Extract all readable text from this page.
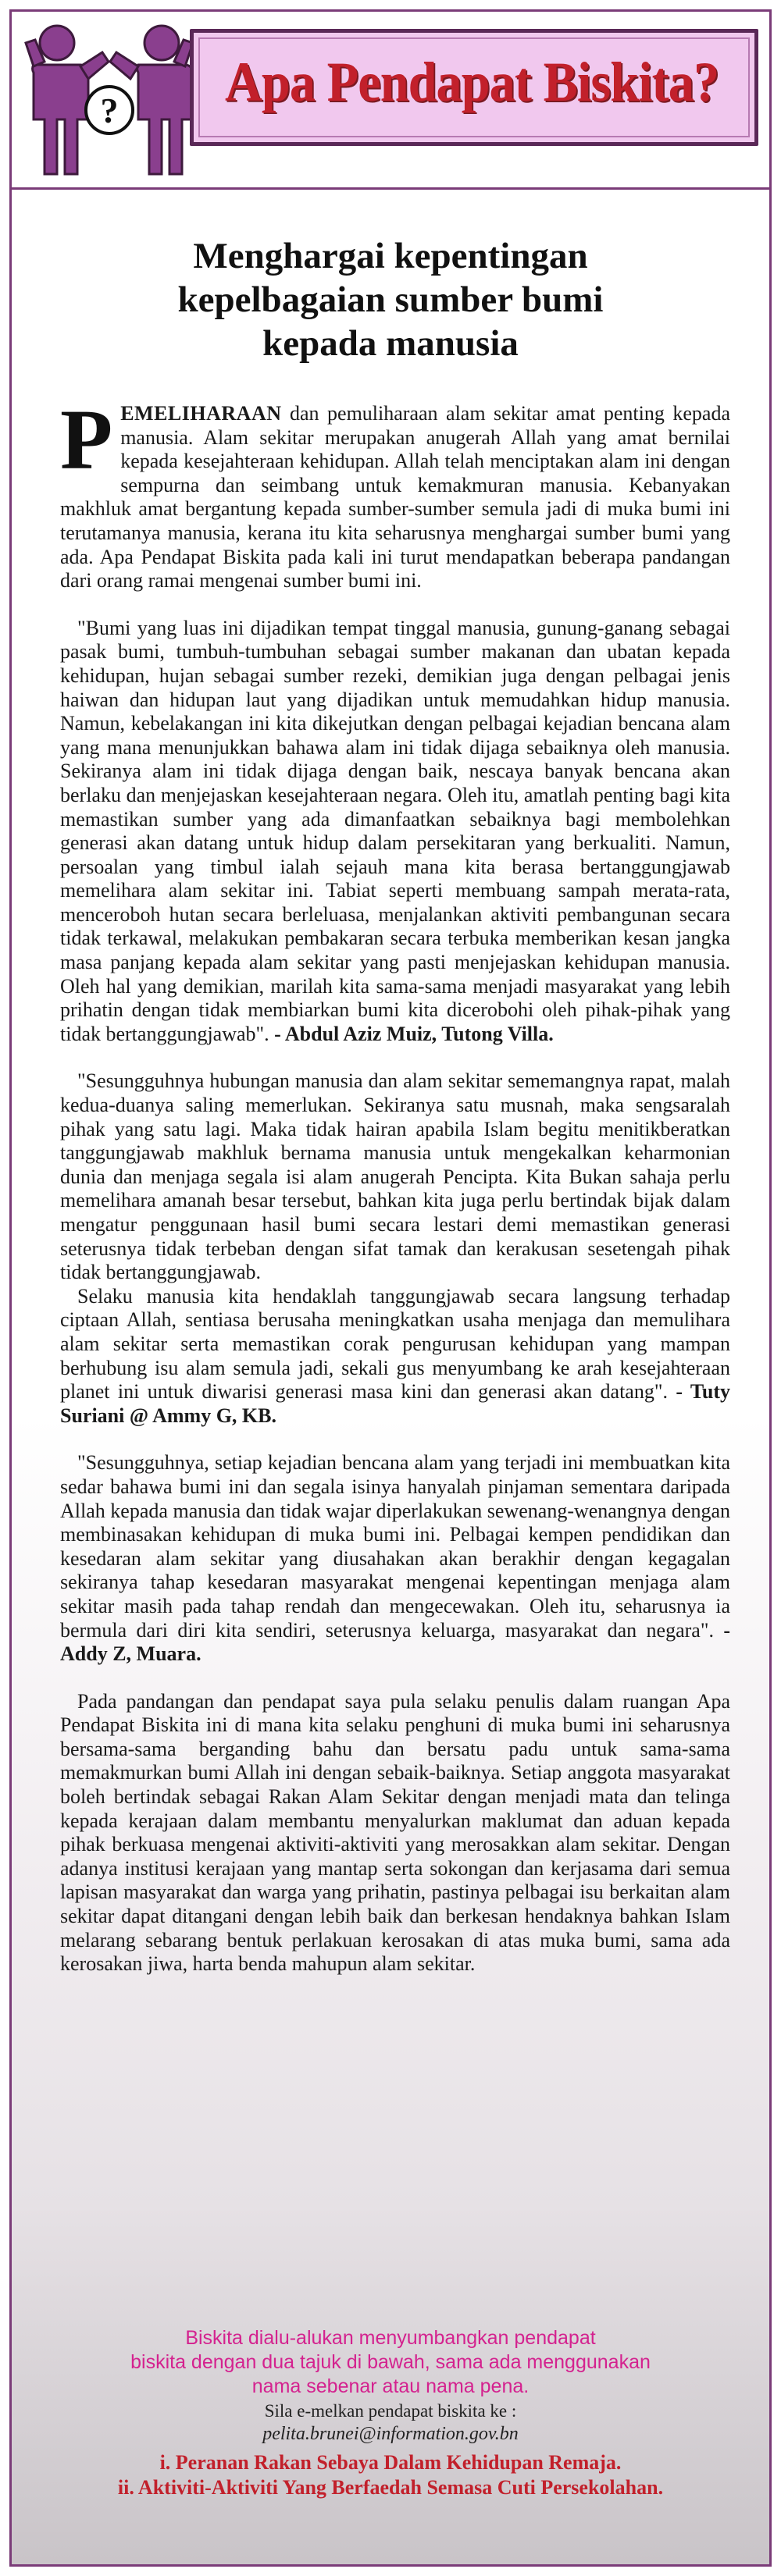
? Apa Pendapat Biskita?
Menghargai kepentingan
kepelbagaian sumber bumi
kepada manusia

PEMELIHARAAN dan pemuliharaan alam sekitar amat penting kepada manusia. Alam sekitar merupakan anugerah Allah yang amat bernilai kepada kesejahteraan kehidupan. Allah telah menciptakan alam ini dengan sempurna dan seimbang untuk kemakmuran manusia. Kebanyakan makhluk amat bergantung kepada sumber-sumber semula jadi di muka bumi ini terutamanya manusia, kerana itu kita seharusnya menghargai sumber bumi yang ada. Apa Pendapat Biskita pada kali ini turut mendapatkan beberapa pandangan dari orang ramai mengenai sumber bumi ini.

"Bumi yang luas ini dijadikan tempat tinggal manusia, gunung-ganang sebagai pasak bumi, tumbuh-tumbuhan sebagai sumber makanan dan ubatan kepada kehidupan, hujan sebagai sumber rezeki, demikian juga dengan pelbagai jenis haiwan dan hidupan laut yang dijadikan untuk memudahkan hidup manusia. Namun, kebelakangan ini kita dikejutkan dengan pelbagai kejadian bencana alam yang mana menunjukkan bahawa alam ini tidak dijaga sebaiknya oleh manusia. Sekiranya alam ini tidak dijaga dengan baik, nescaya banyak bencana akan berlaku dan menjejaskan kesejahteraan negara. Oleh itu, amatlah penting bagi kita memastikan sumber yang ada dimanfaatkan sebaiknya bagi membolehkan generasi akan datang untuk hidup dalam persekitaran yang berkualiti. Namun, persoalan yang timbul ialah sejauh mana kita berasa bertanggungjawab memelihara alam sekitar ini. Tabiat seperti membuang sampah merata-rata, menceroboh hutan secara berleluasa, menjalankan aktiviti pembangunan secara tidak terkawal, melakukan pembakaran secara terbuka memberikan kesan jangka masa panjang kepada alam sekitar yang pasti menjejaskan kehidupan manusia. Oleh hal yang demikian, marilah kita sama-sama menjadi masyarakat yang lebih prihatin dengan tidak membiarkan bumi kita dicerobohi oleh pihak-pihak yang tidak bertanggungjawab". - Abdul Aziz Muiz, Tutong Villa.

"Sesungguhnya hubungan manusia dan alam sekitar sememangnya rapat, malah kedua-duanya saling memerlukan. Sekiranya satu musnah, maka sengsaralah pihak yang satu lagi. Maka tidak hairan apabila Islam begitu menitikberatkan tanggungjawab makhluk bernama manusia untuk mengekalkan keharmonian dunia dan menjaga segala isi alam anugerah Pencipta. Kita Bukan sahaja perlu memelihara amanah besar tersebut, bahkan kita juga perlu bertindak bijak dalam mengatur penggunaan hasil bumi secara lestari demi memastikan generasi seterusnya tidak terbeban dengan sifat tamak dan kerakusan sesetengah pihak tidak bertanggungjawab.

Selaku manusia kita hendaklah tanggungjawab secara langsung terhadap ciptaan Allah, sentiasa berusaha meningkatkan usaha menjaga dan memulihara alam sekitar serta memastikan corak pengurusan kehidupan yang mampan berhubung isu alam semula jadi, sekali gus menyumbang ke arah kesejahteraan planet ini untuk diwarisi generasi masa kini dan generasi akan datang". - Tuty Suriani @ Ammy G, KB.

"Sesungguhnya, setiap kejadian bencana alam yang terjadi ini membuatkan kita sedar bahawa bumi ini dan segala isinya hanyalah pinjaman sementara daripada Allah kepada manusia dan tidak wajar diperlakukan sewenang-wenangnya dengan membinasakan kehidupan di muka bumi ini. Pelbagai kempen pendidikan dan kesedaran alam sekitar yang diusahakan akan berakhir dengan kegagalan sekiranya tahap kesedaran masyarakat mengenai kepentingan menjaga alam sekitar masih pada tahap rendah dan mengecewakan. Oleh itu, seharusnya ia bermula dari diri kita sendiri, seterusnya keluarga, masyarakat dan negara". - Addy Z, Muara.

Pada pandangan dan pendapat saya pula selaku penulis dalam ruangan Apa Pendapat Biskita ini di mana kita selaku penghuni di muka bumi ini seharusnya bersama-sama berganding bahu dan bersatu padu untuk sama-sama memakmurkan bumi Allah ini dengan sebaik-baiknya. Setiap anggota masyarakat boleh bertindak sebagai Rakan Alam Sekitar dengan menjadi mata dan telinga kepada kerajaan dalam membantu menyalurkan maklumat dan aduan kepada pihak berkuasa mengenai aktiviti-aktiviti yang merosakkan alam sekitar. Dengan adanya institusi kerajaan yang mantap serta sokongan dan kerjasama dari semua lapisan masyarakat dan warga yang prihatin, pastinya pelbagai isu berkaitan alam sekitar dapat ditangani dengan lebih baik dan berkesan hendaknya bahkan Islam melarang sebarang bentuk perlakuan kerosakan di atas muka bumi, sama ada kerosakan jiwa, harta benda mahupun alam sekitar.

Biskita dialu-alukan menyumbangkan pendapat
biskita dengan dua tajuk di bawah, sama ada menggunakan
nama sebenar atau nama pena.
Sila e-melkan pendapat biskita ke :
pelita.brunei@information.gov.bn
i. Peranan Rakan Sebaya Dalam Kehidupan Remaja.
ii. Aktiviti-Aktiviti Yang Berfaedah Semasa Cuti Persekolahan.
